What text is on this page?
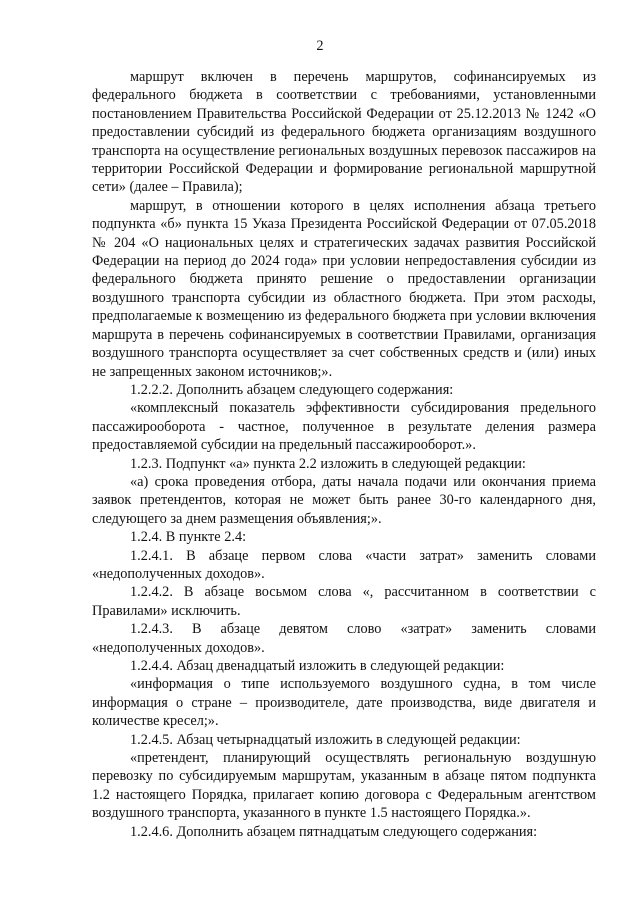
2

маршрут включен в перечень маршрутов, софинансируемых из федерального бюджета в соответствии с требованиями, установленными постановлением Правительства Российской Федерации от 25.12.2013 № 1242 «О предоставлении субсидий из федерального бюджета организациям воздушного транспорта на осуществление региональных воздушных перевозок пассажиров на территории Российской Федерации и формирование региональной маршрутной сети» (далее – Правила);

маршрут, в отношении которого в целях исполнения абзаца третьего подпункта «б» пункта 15 Указа Президента Российской Федерации от 07.05.2018 № 204 «О национальных целях и стратегических задачах развития Российской Федерации на период до 2024 года» при условии непредоставления субсидии из федерального бюджета принято решение о предоставлении организации воздушного транспорта субсидии из областного бюджета. При этом расходы, предполагаемые к возмещению из федерального бюджета при условии включения маршрута в перечень софинансируемых в соответствии Правилами, организация воздушного транспорта осуществляет за счет собственных средств и (или) иных не запрещенных законом источников;».

1.2.2.2. Дополнить абзацем следующего содержания:

«комплексный показатель эффективности субсидирования предельного пассажирооборота - частное, полученное в результате деления размера предоставляемой субсидии на предельный пассажирооборот.».

1.2.3. Подпункт «а» пункта 2.2 изложить в следующей редакции:

«а) срока проведения отбора, даты начала подачи или окончания приема заявок претендентов, которая не может быть ранее 30-го календарного дня, следующего за днем размещения объявления;».

1.2.4. В пункте 2.4:

1.2.4.1. В абзаце первом слова «части затрат» заменить словами «недополученных доходов».

1.2.4.2. В абзаце восьмом слова «, рассчитанном в соответствии с Правилами» исключить.

1.2.4.3. В абзаце девятом слово «затрат» заменить словами «недополученных доходов».

1.2.4.4. Абзац двенадцатый изложить в следующей редакции:

«информация о типе используемого воздушного судна, в том числе информация о стране – производителе, дате производства, виде двигателя и количестве кресел;».

1.2.4.5. Абзац четырнадцатый изложить в следующей редакции:

«претендент, планирующий осуществлять региональную воздушную перевозку по субсидируемым маршрутам, указанным в абзаце пятом подпункта 1.2 настоящего Порядка, прилагает копию договора с Федеральным агентством воздушного транспорта, указанного в пункте 1.5 настоящего Порядка.».

1.2.4.6. Дополнить абзацем пятнадцатым следующего содержания:
